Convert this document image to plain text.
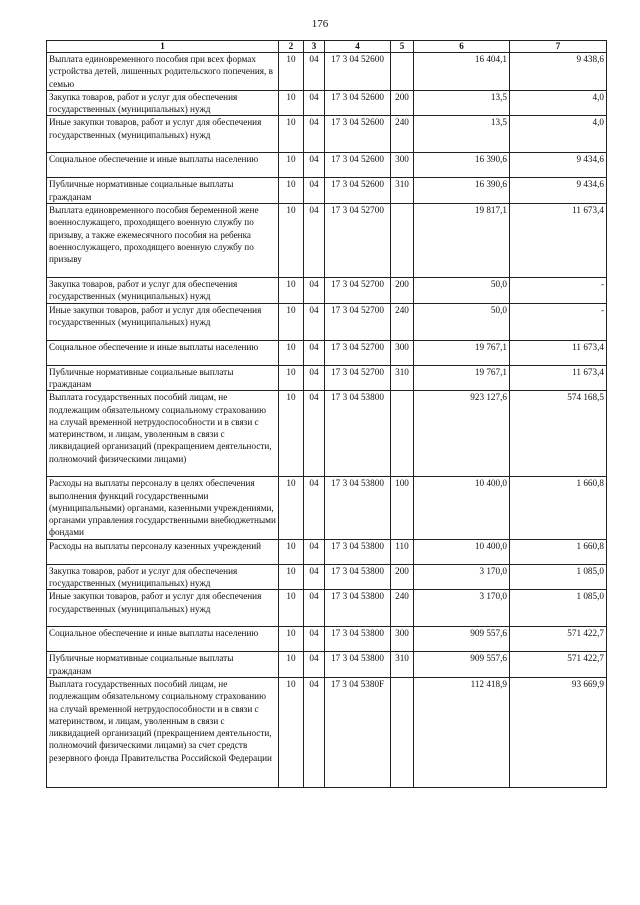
176
1	2	3	4	5	6	7
Выплата единовременного пособия при всех формах устройства детей, лишенных родительского попечения, в семью	10	04	17 3 04 52600		16 404,1	9 438,6
Закупка товаров, работ и услуг для обеспечения государственных (муниципальных) нужд	10	04	17 3 04 52600	200	13,5	4,0
Иные закупки товаров, работ и услуг для обеспечения государственных (муниципальных) нужд	10	04	17 3 04 52600	240	13,5	4,0
Социальное обеспечение и иные выплаты населению	10	04	17 3 04 52600	300	16 390,6	9 434,6
Публичные нормативные социальные выплаты гражданам	10	04	17 3 04 52600	310	16 390,6	9 434,6
Выплата единовременного пособия беременной жене военнослужащего, проходящего военную службу по призыву, а также ежемесячного пособия на ребенка военнослужащего, проходящего военную службу по призыву	10	04	17 3 04 52700		19 817,1	11 673,4
Закупка товаров, работ и услуг для обеспечения государственных (муниципальных) нужд	10	04	17 3 04 52700	200	50,0	-
Иные закупки товаров, работ и услуг для обеспечения государственных (муниципальных) нужд	10	04	17 3 04 52700	240	50,0	-
Социальное обеспечение и иные выплаты населению	10	04	17 3 04 52700	300	19 767,1	11 673,4
Публичные нормативные социальные выплаты гражданам	10	04	17 3 04 52700	310	19 767,1	11 673,4
Выплата государственных пособий лицам, не подлежащим обязательному социальному страхованию на случай временной нетрудоспособности и в связи с материнством, и лицам, уволенным в связи с ликвидацией организаций (прекращением деятельности, полномочий физическими лицами)	10	04	17 3 04 53800		923 127,6	574 168,5
Расходы на выплаты персоналу в целях обеспечения выполнения функций государственными (муниципальными) органами, казенными учреждениями, органами управления государственными внебюджетными фондами	10	04	17 3 04 53800	100	10 400,0	1 660,8
Расходы на выплаты персоналу казенных учреждений	10	04	17 3 04 53800	110	10 400,0	1 660,8
Закупка товаров, работ и услуг для обеспечения государственных (муниципальных) нужд	10	04	17 3 04 53800	200	3 170,0	1 085,0
Иные закупки товаров, работ и услуг для обеспечения государственных (муниципальных) нужд	10	04	17 3 04 53800	240	3 170,0	1 085,0
Социальное обеспечение и иные выплаты населению	10	04	17 3 04 53800	300	909 557,6	571 422,7
Публичные нормативные социальные выплаты гражданам	10	04	17 3 04 53800	310	909 557,6	571 422,7
Выплата государственных пособий лицам, не подлежащим обязательному социальному страхованию на случай временной нетрудоспособности и в связи с материнством, и лицам, уволенным в связи с ликвидацией организаций (прекращением деятельности, полномочий физическими лицами) за счет средств резервного фонда Правительства Российской Федерации	10	04	17 3 04 5380F		112 418,9	93 669,9
